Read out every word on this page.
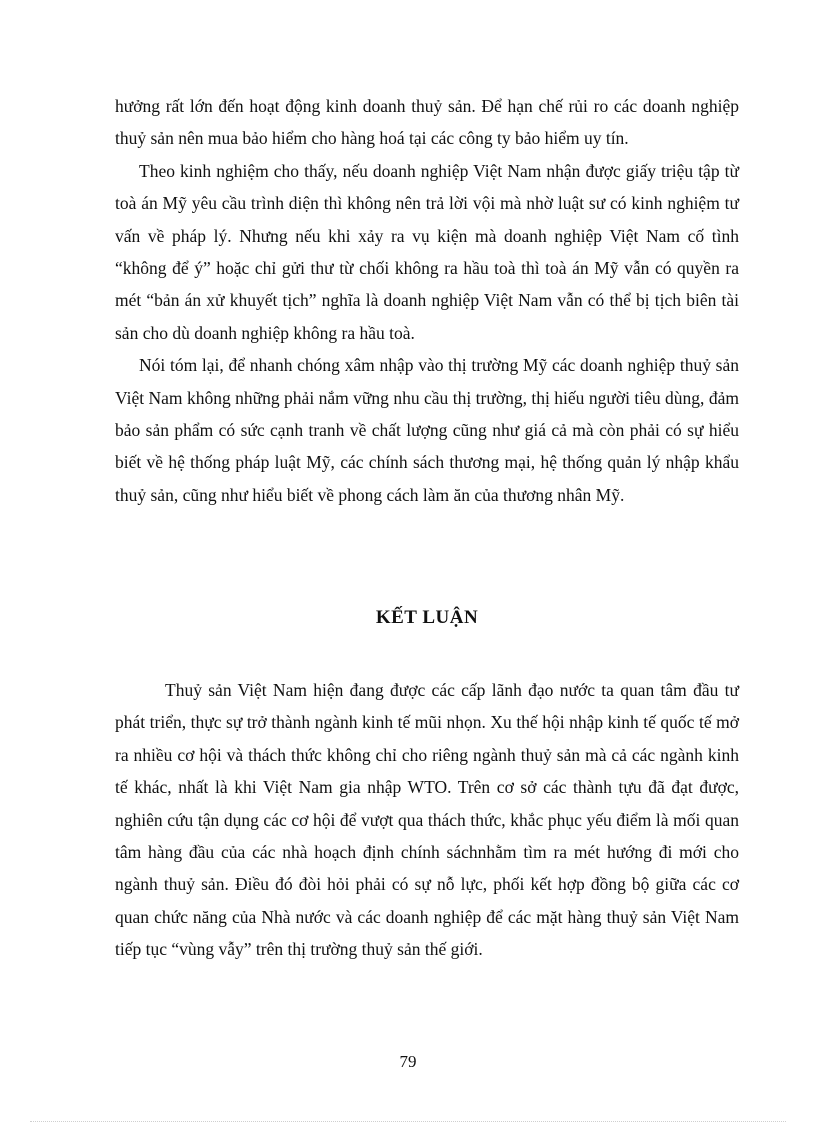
hưởng rất lớn đến hoạt động kinh doanh thuỷ sản. Để hạn chế rủi ro các doanh nghiệp thuỷ sản nên mua bảo hiểm cho hàng hoá tại các công ty bảo hiểm uy tín.

Theo kinh nghiệm cho thấy, nếu doanh nghiệp Việt Nam nhận được giấy triệu tập từ toà án Mỹ yêu cầu trình diện thì không nên trả lời vội mà nhờ luật sư có kinh nghiệm tư vấn về pháp lý. Nhưng nếu khi xảy ra vụ kiện mà doanh nghiệp Việt Nam cố tình “không để ý” hoặc chỉ gửi thư từ chối không ra hầu toà thì toà án Mỹ vẫn có quyền ra mét “bản án xử khuyết tịch” nghĩa là doanh nghiệp Việt Nam vẫn có thể bị tịch biên tài sản cho dù doanh nghiệp không ra hầu toà.

Nói tóm lại, để nhanh chóng xâm nhập vào thị trường Mỹ các doanh nghiệp thuỷ sản Việt Nam không những phải nắm vững nhu cầu thị trường, thị hiếu người tiêu dùng, đảm bảo sản phẩm có sức cạnh tranh về chất lượng cũng như giá cả mà còn phải có sự hiểu biết về hệ thống pháp luật Mỹ, các chính sách thương mại, hệ thống quản lý nhập khẩu thuỷ sản, cũng như hiểu biết về phong cách làm ăn của thương nhân Mỹ.

KẾT LUẬN

Thuỷ sản Việt Nam hiện đang được các cấp lãnh đạo nước ta quan tâm đầu tư phát triển, thực sự trở thành ngành kinh tế mũi nhọn. Xu thế hội nhập kinh tế quốc tế mở ra nhiều cơ hội và thách thức không chỉ cho riêng ngành thuỷ sản mà cả các ngành kinh tế khác, nhất là khi Việt Nam gia nhập WTO. Trên cơ sở các thành tựu đã đạt được, nghiên cứu tận dụng các cơ hội để vượt qua thách thức, khắc phục yếu điểm là mối quan tâm hàng đầu của các nhà hoạch định chính sáchnhằm tìm ra mét hướng đi mới cho ngành thuỷ sản. Điều đó đòi hỏi phải có sự nỗ lực, phối kết hợp đồng bộ giữa các cơ quan chức năng của Nhà nước và các doanh nghiệp để các mặt hàng thuỷ sản Việt Nam tiếp tục “vùng vẫy” trên thị trường thuỷ sản thế giới.

79
